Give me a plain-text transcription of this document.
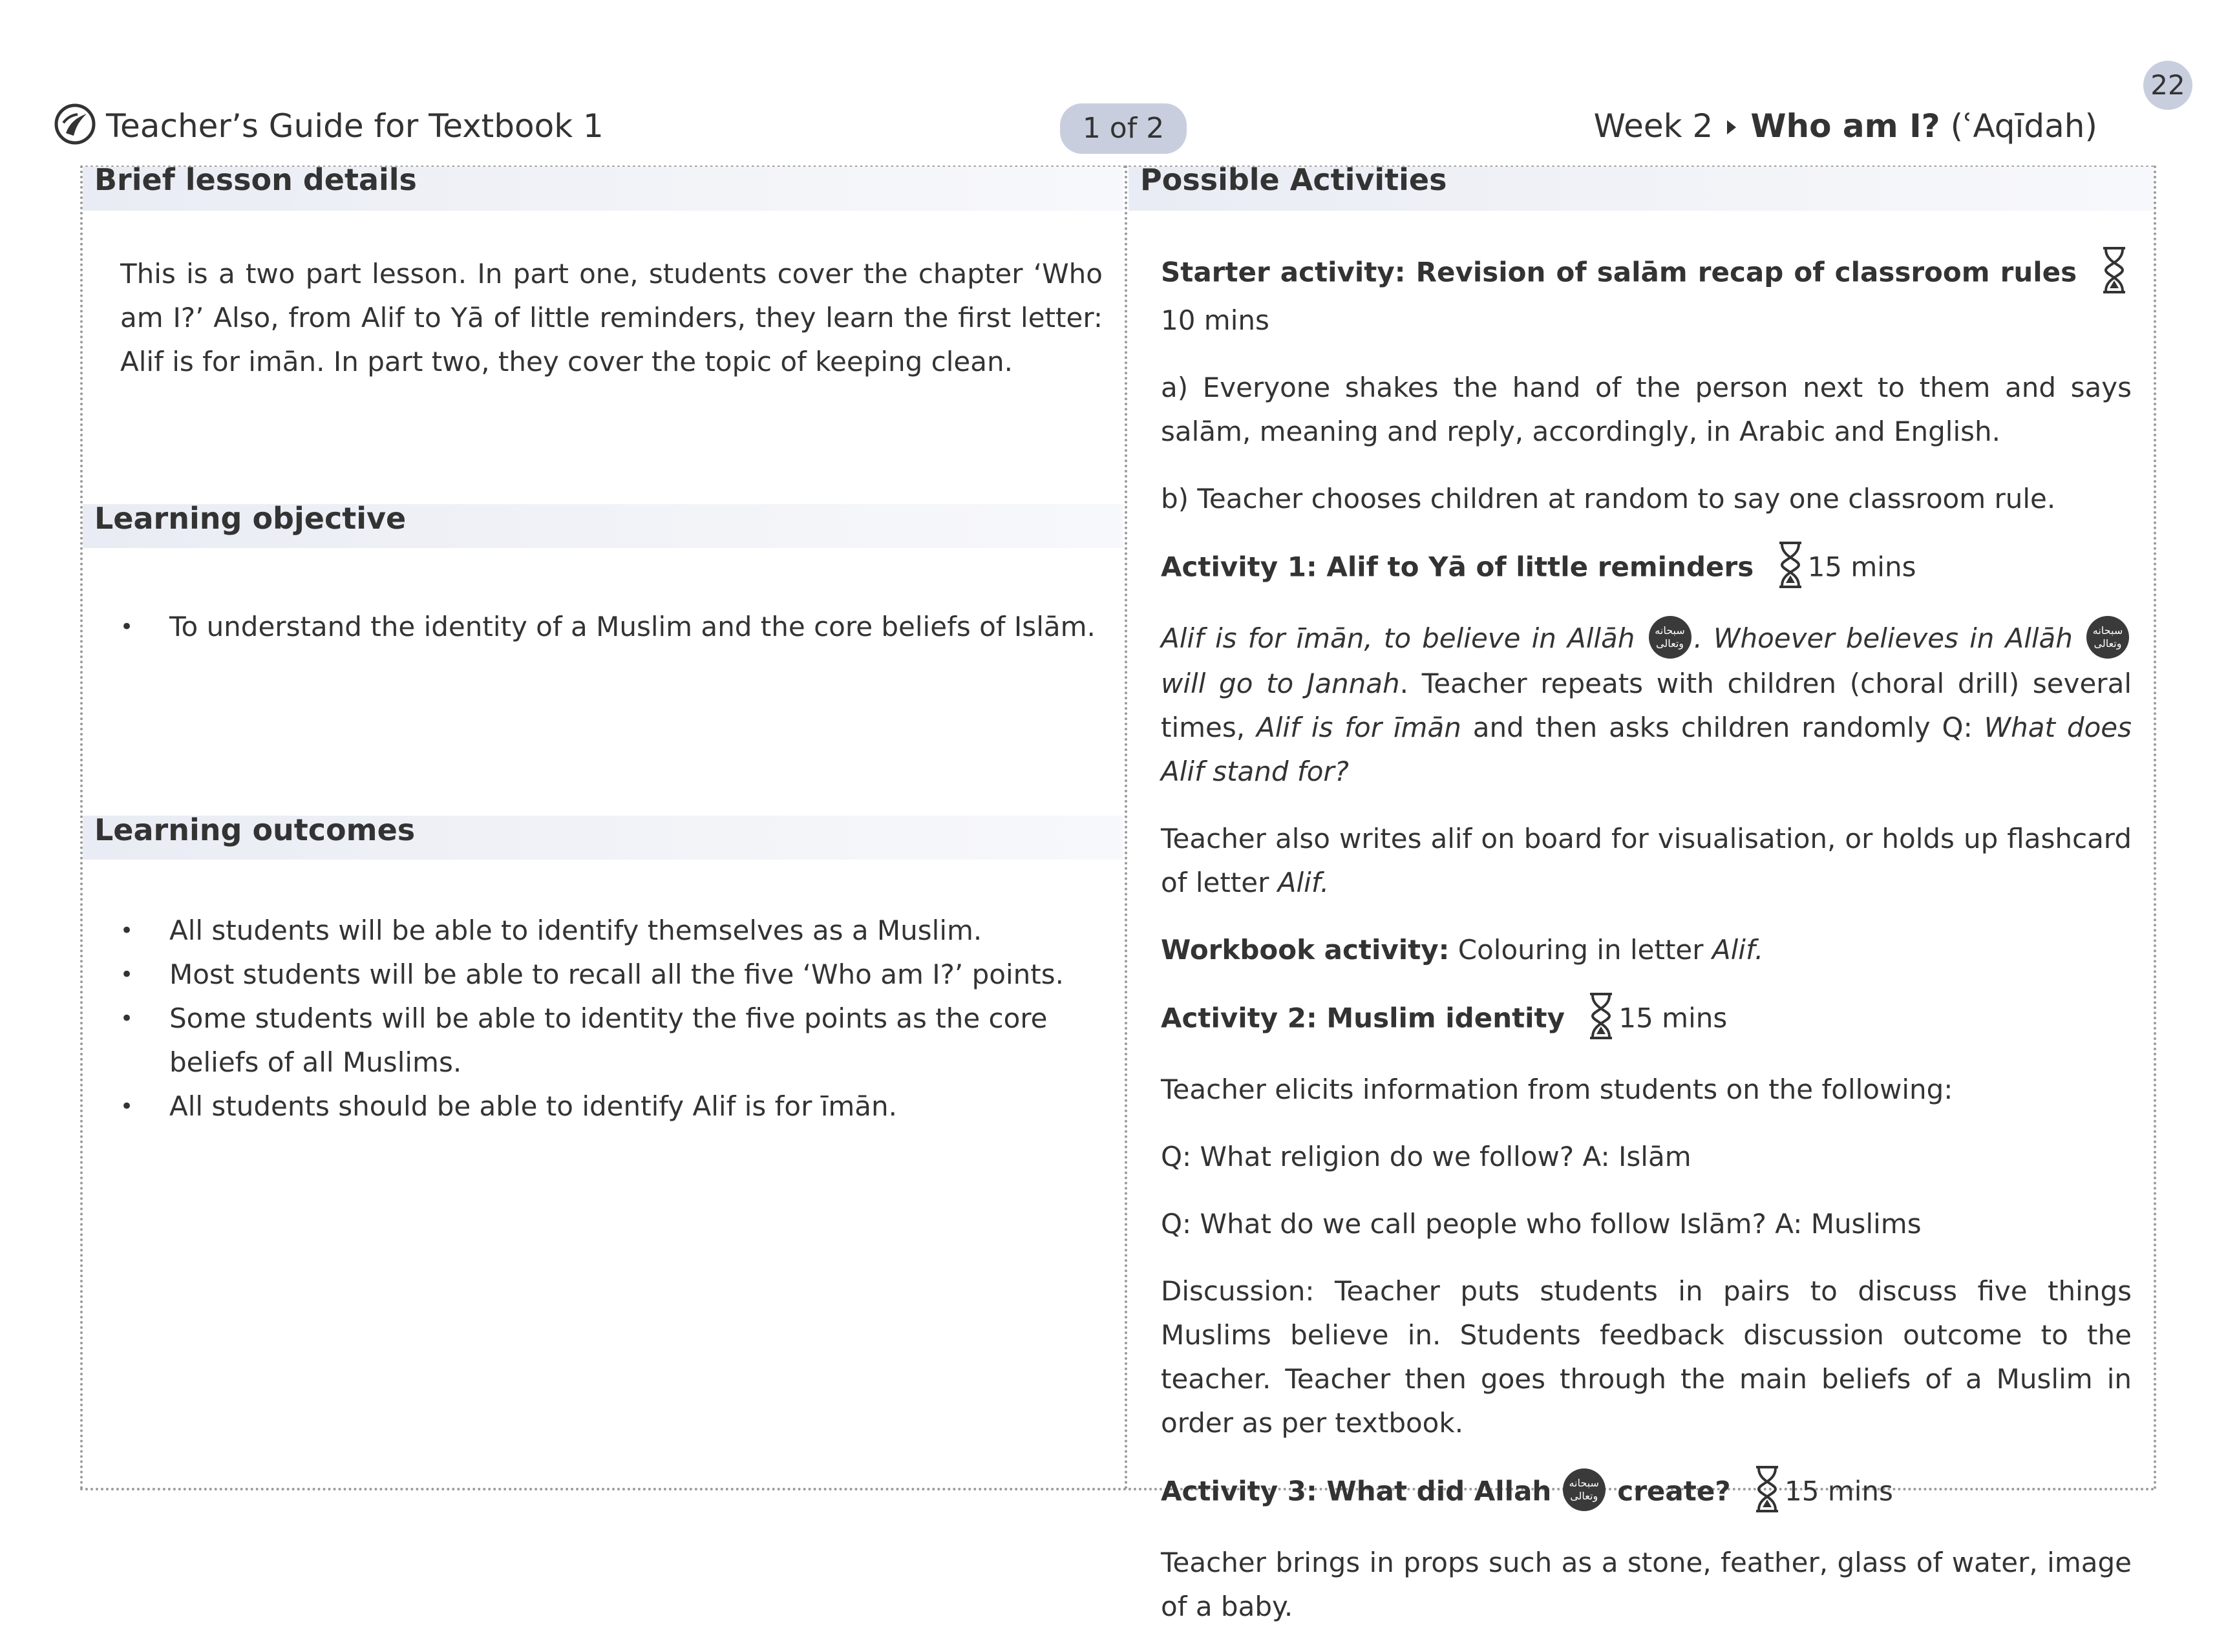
Teacher’s Guide for Textbook 1	1 of 2
22
Week 2 Who am I? (ʿAqīdah)
Brief lesson details
This is a two part lesson. In part one, students cover the chapter ‘Who am I?’ Also, from Alif to Yā of little reminders, they learn the first letter: Alif is for imān. In part two, they cover the topic of keeping clean.
Learning objective
• To understand the identity of a Muslim and the core beliefs of Islām.
Learning outcomes
• All students will be able to identify themselves as a Muslim.
• Most students will be able to recall all the five ‘Who am I?’ points.
• Some students will be able to identity the five points as the core beliefs of all Muslims.
• All students should be able to identify Alif is for īmān.
Possible Activities

Starter activity: Revision of salām recap of classroom rules 10 mins

a) Everyone shakes the hand of the person next to them and says salām, meaning and reply, accordingly, in Arabic and English.

b) Teacher chooses children at random to say one classroom rule.

Activity 1: Alif to Yā of little reminders 15 mins

Alif is for īmān, to believe in Allāh	سبحانه وتعالى . Whoever believes in Allāh	سبحانه وتعالى
will go to Jannah. Teacher repeats with children (choral drill) several times, Alif is for īmān and then asks children randomly Q: What does Alif stand for?

Teacher also writes alif on board for visualisation, or holds up flashcard of letter Alif.

Workbook activity: Colouring in letter Alif.

Activity 2: Muslim identity 15 mins

Teacher elicits information from students on the following:

Q: What religion do we follow? A: Islām

Q: What do we call people who follow Islām? A: Muslims

Discussion: Teacher puts students in pairs to discuss five things Muslims believe in. Students feedback discussion outcome to the teacher. Teacher then goes through the main beliefs of a Muslim in order as per textbook.

Activity 3: What did Allah	سبحانه وتعالى create? 15 mins

Teacher brings in props such as a stone, feather, glass of water, image of a baby.
